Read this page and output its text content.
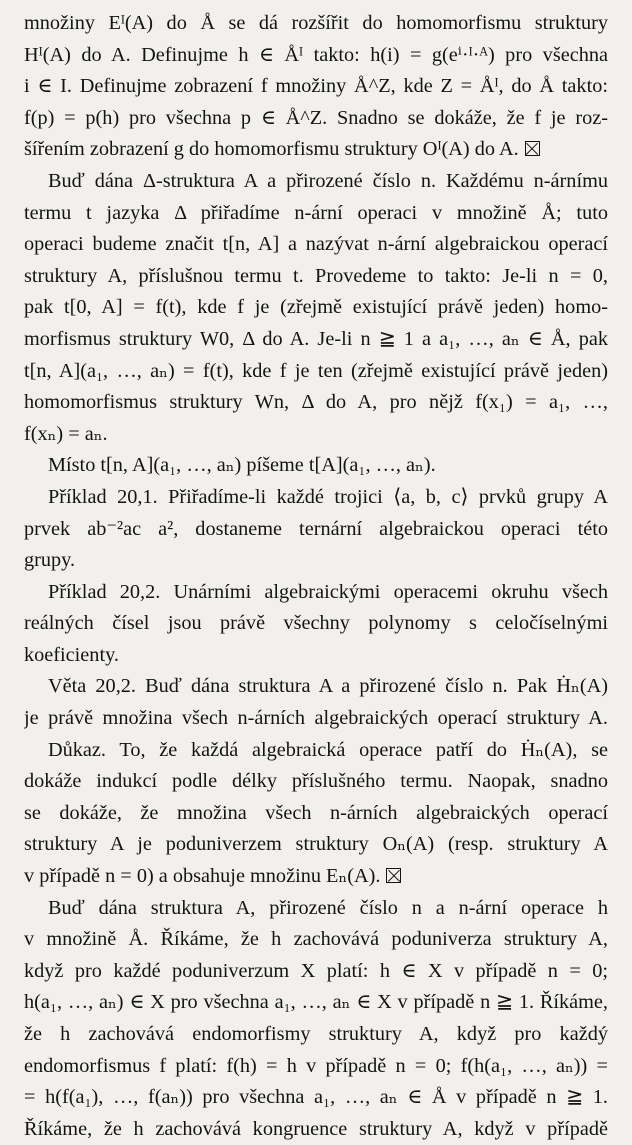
množiny Eᴵ(A) do Å se dá rozšířit do homomorfismu struktury
Hᴵ(A) do A. Definujme h ∈ Åᴵ takto: h(i) = g(eⁱ·ᴵ·ᴬ) pro všechna
i ∈ I. Definujme zobrazení f množiny Å^Z, kde Z = Åᴵ, do Å takto:
f(p) = p(h) pro všechna p ∈ Å^Z. Snadno se dokáže, že f je roz-
šířením zobrazení g do homomorfismu struktury Oᴵ(A) do A.
Buď dána Δ-struktura A a přirozené číslo n. Každému n-árnímu
termu t jazyka Δ přiřadíme n-ární operaci v množině Å; tuto
operaci budeme značit t[n, A] a nazývat n-ární algebraickou operací
struktury A, příslušnou termu t. Provedeme to takto: Je-li n = 0,
pak t[0, A] = f(t), kde f je (zřejmě existující právě jeden) homo-
morfismus struktury W0, Δ do A. Je-li n ≧ 1 a a₁, …, aₙ ∈ Å, pak
t[n, A](a₁, …, aₙ) = f(t), kde f je ten (zřejmě existující právě jeden)
homomorfismus struktury Wn, Δ do A, pro nějž f(x₁) = a₁, …,
f(xₙ) = aₙ.
Místo t[n, A](a₁, …, aₙ) píšeme t[A](a₁, …, aₙ).
Příklad 20,1. Přiřadíme-li každé trojici ⟨a, b, c⟩ prvků grupy A
prvek ab⁻²ac a², dostaneme ternární algebraickou operaci této
grupy.
Příklad 20,2. Unárními algebraickými operacemi okruhu všech
reálných čísel jsou právě všechny polynomy s celočíselnými
koeficienty.
Věta 20,2. Buď dána struktura A a přirozené číslo n. Pak Ḣₙ(A)
je právě množina všech n-árních algebraických operací struktury A.
Důkaz. To, že každá algebraická operace patří do Ḣₙ(A), se
dokáže indukcí podle délky příslušného termu. Naopak, snadno
se dokáže, že množina všech n-árních algebraických operací
struktury A je poduniverzem struktury Oₙ(A) (resp. struktury A
v případě n = 0) a obsahuje množinu Eₙ(A).
Buď dána struktura A, přirozené číslo n a n-ární operace h
v množině Å. Říkáme, že h zachovává poduniverza struktury A,
když pro každé poduniverzum X platí: h ∈ X v případě n = 0;
h(a₁, …, aₙ) ∈ X pro všechna a₁, …, aₙ ∈ X v případě n ≧ 1. Říkáme,
že h zachovává endomorfismy struktury A, když pro každý
endomorfismus f platí: f(h) = h v případě n = 0; f(h(a₁, …, aₙ)) =
= h(f(a₁), …, f(aₙ)) pro všechna a₁, …, aₙ ∈ Å v případě n ≧ 1.
Říkáme, že h zachovává kongruence struktury A, když v případě
